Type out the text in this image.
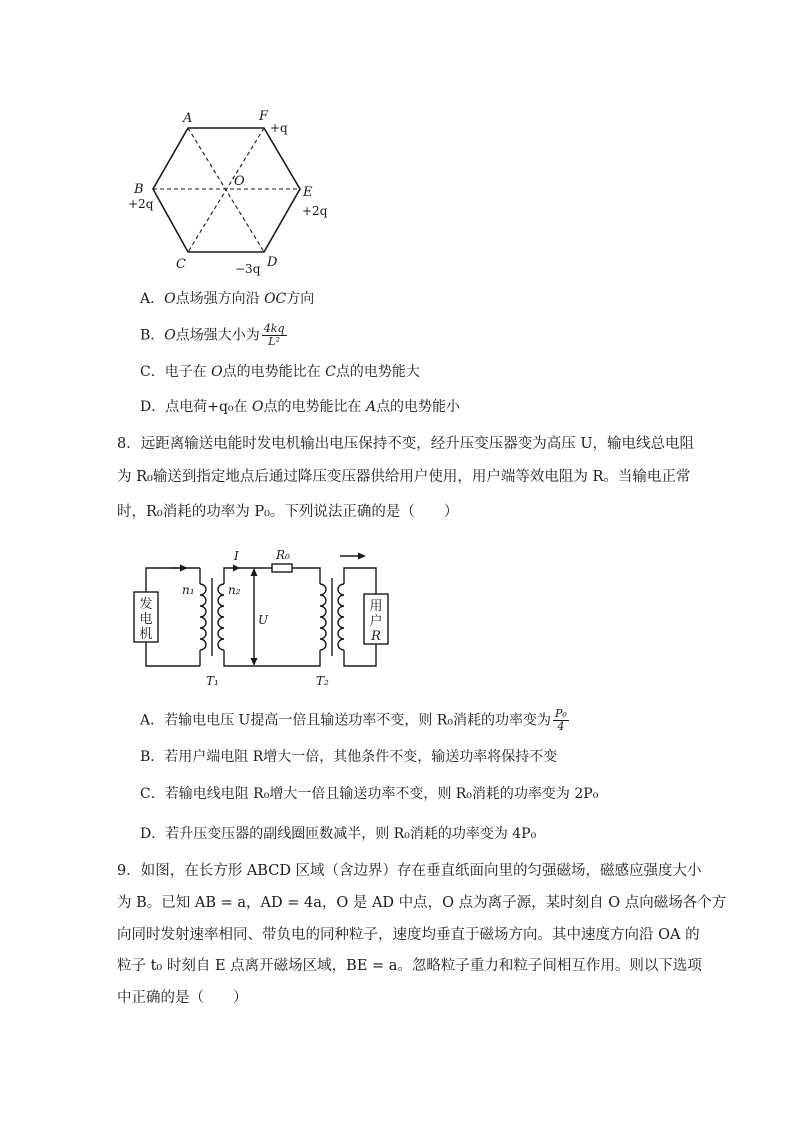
A	F
B
O
E
C	D
+q
+2q	+2q
−3q
A．O点场强方向沿 OC方向
B．O点场强大小为 $\frac{4kq}{\text{L²}}$
C．电子在 O点的电势能比在 C点的电势能大
D．点电荷+q₀在 O点的电势能比在 A点的电势能小
8．远距离输送电能时发电机输出电压保持不变，经升压变压器变为高压 U，输电线总电阻
为 R₀输送到指定地点后通过降压变压器供给用户使用，用户端等效电阻为 R。当输电正常
时，R₀消耗的功率为 P₀。下列说法正确的是（　　）
发
电
机
用
户
R
n₁	n₂
I	R₀
U
T₁	T₂
A．若输电电压 U提高一倍且输送功率不变，则 R₀消耗的功率变为 $\frac{\text{P₀}}{4}$
B．若用户端电阻 R增大一倍，其他条件不变，输送功率将保持不变
C．若输电线电阻 R₀增大一倍且输送功率不变，则 R₀消耗的功率变为 2P₀
D．若升压变压器的副线圈匝数减半，则 R₀消耗的功率变为 4P₀
9．如图，在长方形 ABCD 区域（含边界）存在垂直纸面向里的匀强磁场，磁感应强度大小
为 B。已知 AB = a，AD = 4a，O 是 AD 中点，O 点为离子源，某时刻自 O 点向磁场各个方
向同时发射速率相同、带负电的同种粒子，速度均垂直于磁场方向。其中速度方向沿 OA 的
粒子 t₀ 时刻自 E 点离开磁场区域，BE = a。忽略粒子重力和粒子间相互作用。则以下选项
中正确的是（　　）
